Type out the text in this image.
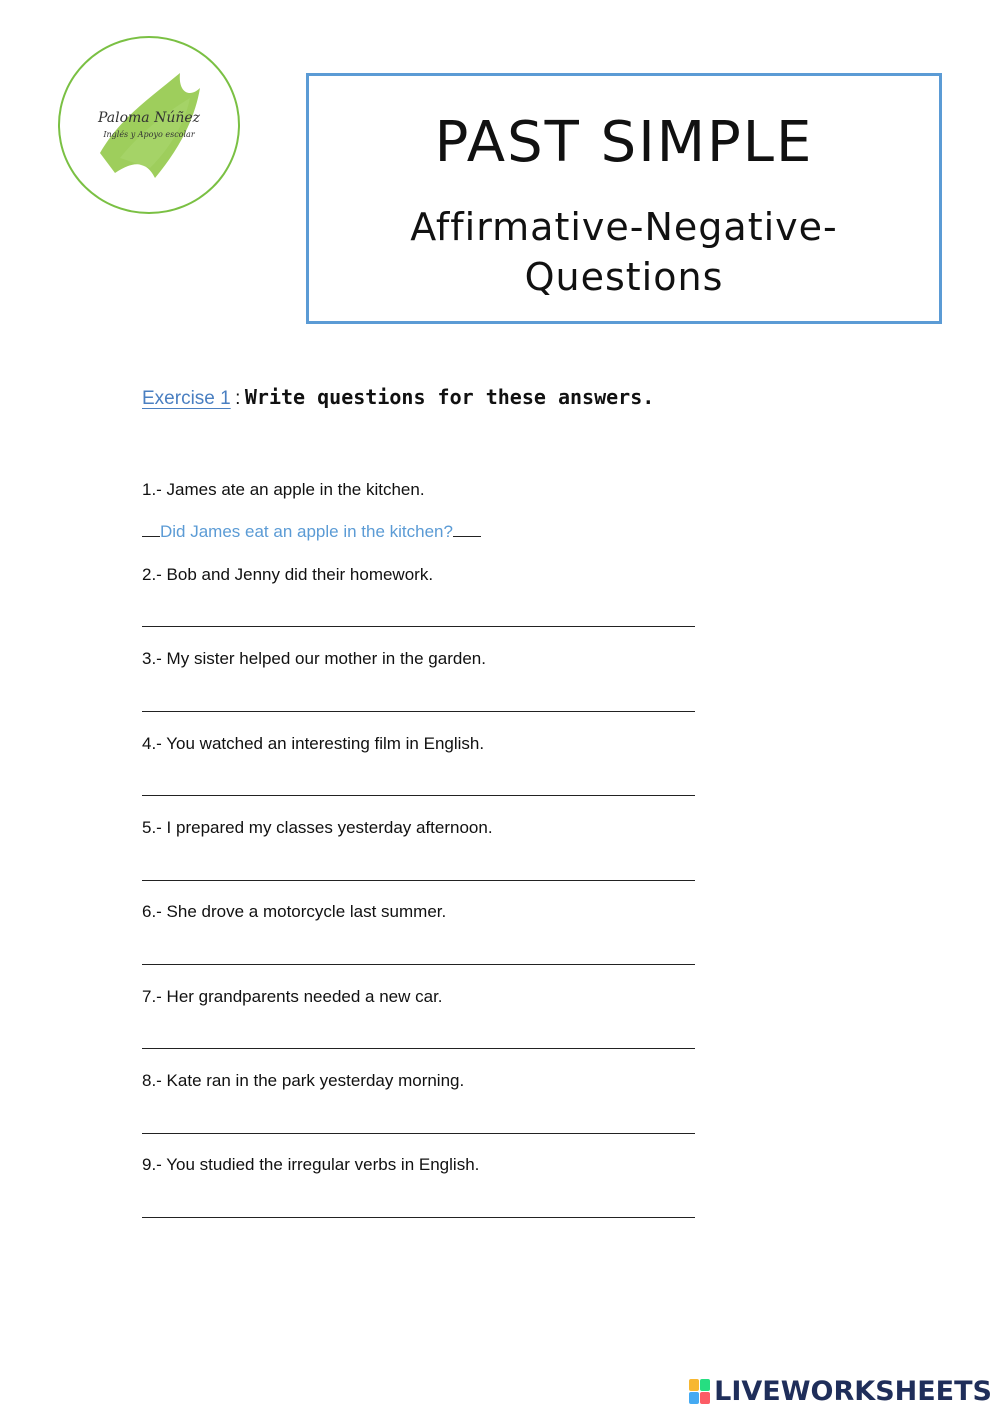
Paloma Núñez
Inglés y Apoyo escolar	PAST SIMPLE
Affirmative-Negative-Questions
Exercise 1 : Write questions for these answers.
1.- James ate an apple in the kitchen.
Did James eat an apple in the kitchen?
2.- Bob and Jenny did their homework.
3.- My sister helped our mother in the garden.
4.- You watched an interesting film in English.
5.- I prepared my classes yesterday afternoon.
6.- She drove a motorcycle last summer.
7.- Her grandparents needed a new car.
8.- Kate ran in the park yesterday morning.
9.- You studied the irregular verbs in English.
LIVEWORKSHEETS
